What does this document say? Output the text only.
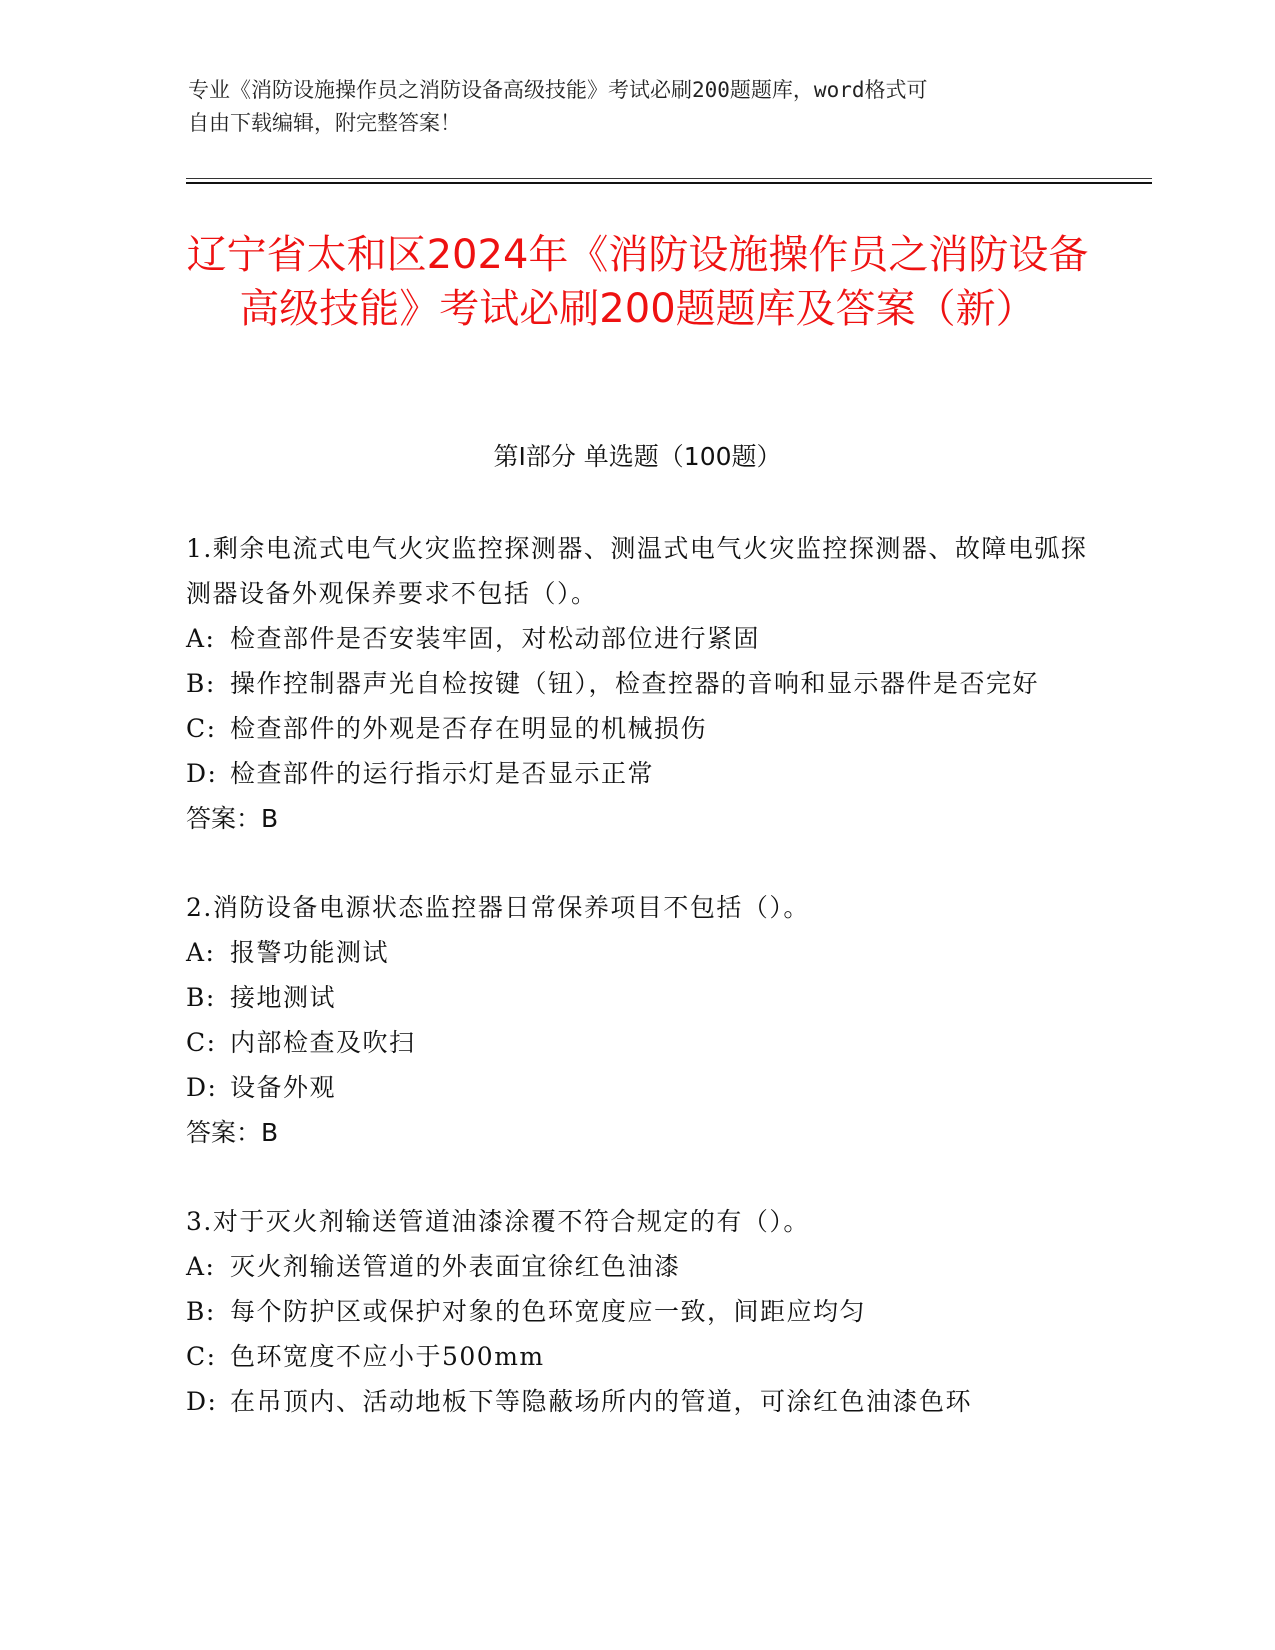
专业《消防设施操作员之消防设备高级技能》考试必刷200题题库，word格式可

自由下载编辑，附完整答案！

辽宁省太和区2024年《消防设施操作员之消防设备高级技能》考试必刷200题题库及答案（新）
第Ⅰ部分 单选题（100题）

1.剩余电流式电气火灾监控探测器、测温式电气火灾监控探测器、故障电弧探测器设备外观保养要求不包括（）。

A: 检查部件是否安装牢固，对松动部位进行紧固

B: 操作控制器声光自检按键（钮），检查控器的音响和显示器件是否完好

C: 检查部件的外观是否存在明显的机械损伤

D: 检查部件的运行指示灯是否显示正常

答案：B

2.消防设备电源状态监控器日常保养项目不包括（）。

A: 报警功能测试

B: 接地测试

C: 内部检查及吹扫

D: 设备外观

答案：B

3.对于灭火剂输送管道油漆涂覆不符合规定的有（）。

A: 灭火剂输送管道的外表面宜徐红色油漆

B: 每个防护区或保护对象的色环宽度应一致，间距应均匀

C: 色环宽度不应小于500mm

D: 在吊顶内、活动地板下等隐蔽场所内的管道，可涂红色油漆色环
